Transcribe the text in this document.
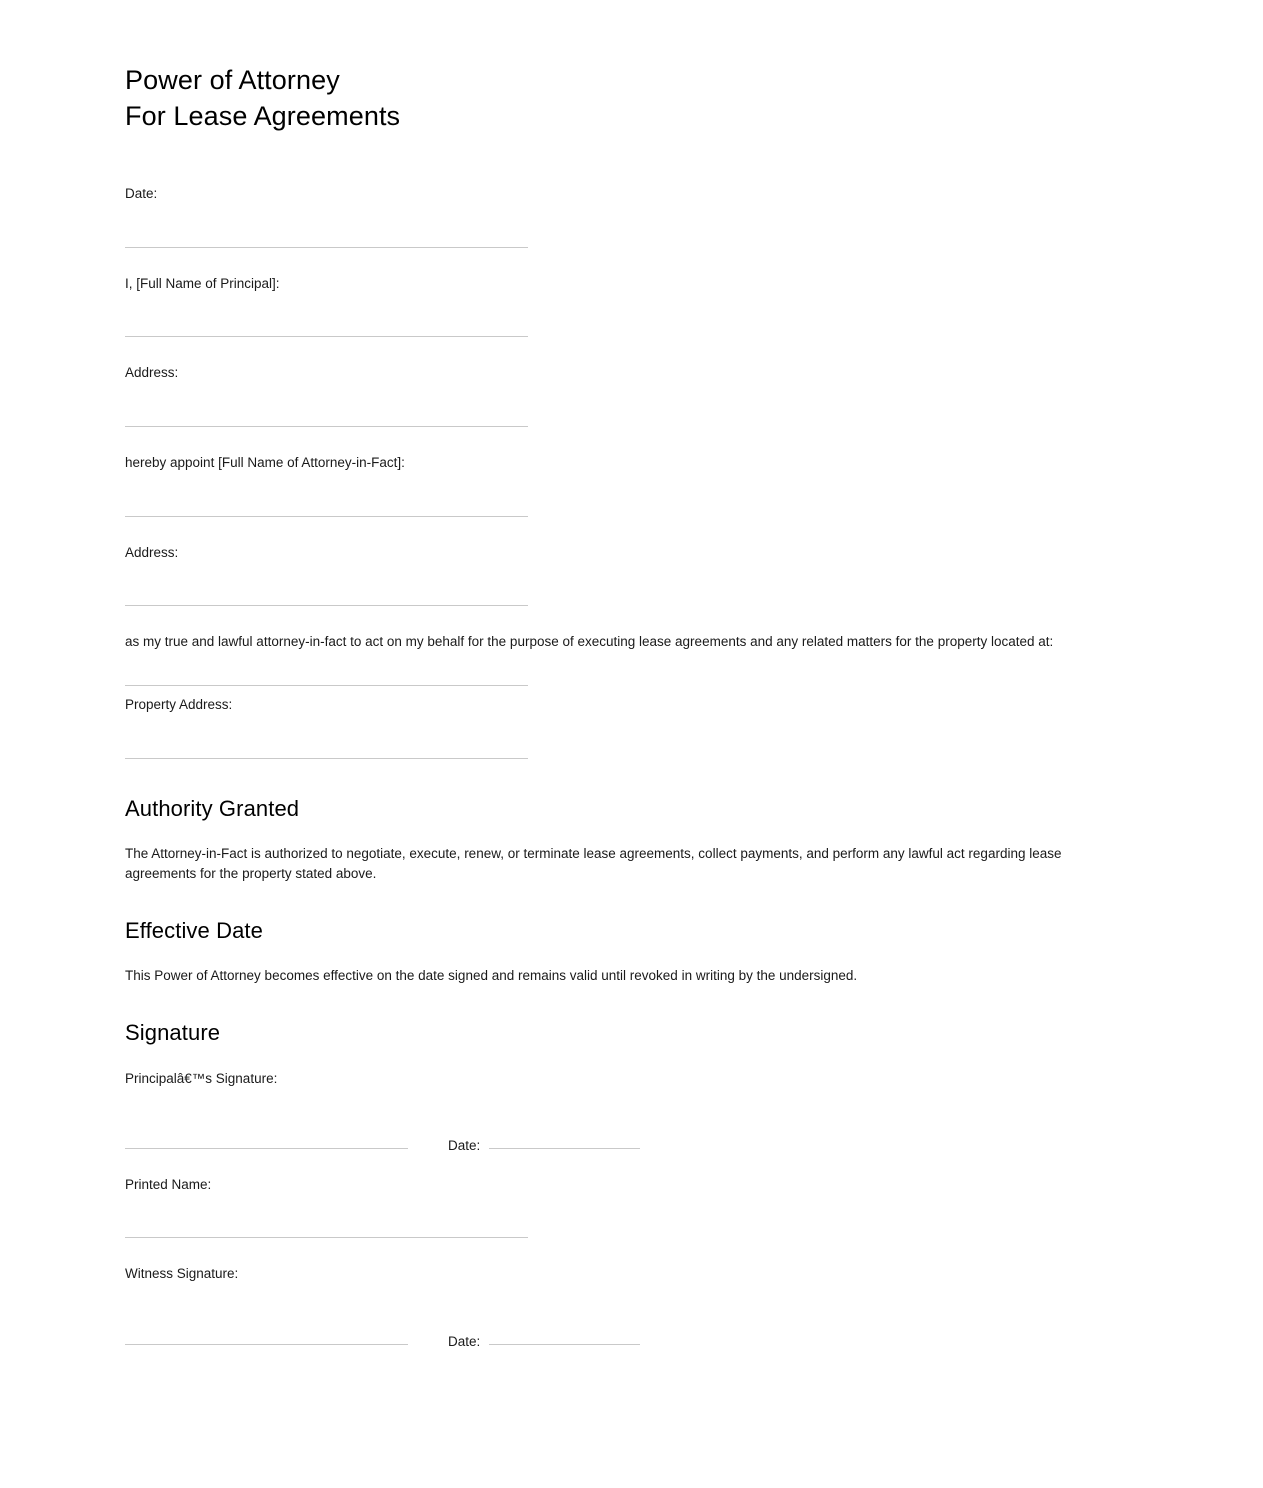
Power of Attorney
For Lease Agreements

Date:

I, [Full Name of Principal]:

Address:

hereby appoint [Full Name of Attorney-in-Fact]:

Address:

as my true and lawful attorney-in-fact to act on my behalf for the purpose of executing lease agreements and any related matters for the property located at:

Property Address:

Authority Granted

The Attorney-in-Fact is authorized to negotiate, execute, renew, or terminate lease agreements, collect payments, and perform any lawful act regarding lease agreements for the property stated above.

Effective Date

This Power of Attorney becomes effective on the date signed and remains valid until revoked in writing by the undersigned.

Signature

Principalâ€™s Signature:

Date:

Printed Name:

Witness Signature:

Date:
